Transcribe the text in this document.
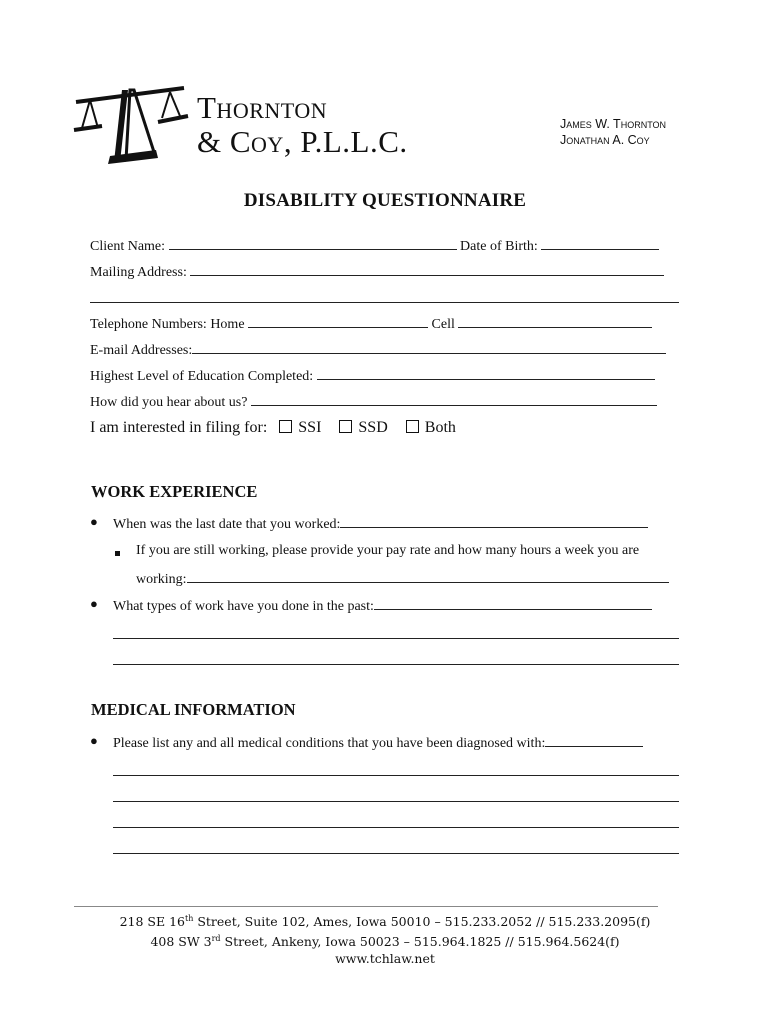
Thornton
& Coy, P.L.L.C.	James W. Thornton
Jonathan A. Coy
DISABILITY QUESTIONNAIRE
Client Name:	Date of Birth:
Mailing Address:
Telephone Numbers: Home	Cell
E-mail Addresses:
Highest Level of Education Completed:
How did you hear about us?
I am interested in filing for: SSI SSD Both
WORK EXPERIENCE
● When was the last date that you worked:
If you are still working, please provide your pay rate and how many hours a week you are
working:
● What types of work have you done in the past:
MEDICAL INFORMATION
● Please list any and all medical conditions that you have been diagnosed with:
218 SE 16th Street, Suite 102, Ames, Iowa 50010 – 515.233.2052 // 515.233.2095(f)
408 SW 3rd Street, Ankeny, Iowa 50023 – 515.964.1825 // 515.964.5624(f)
www.tchlaw.net
